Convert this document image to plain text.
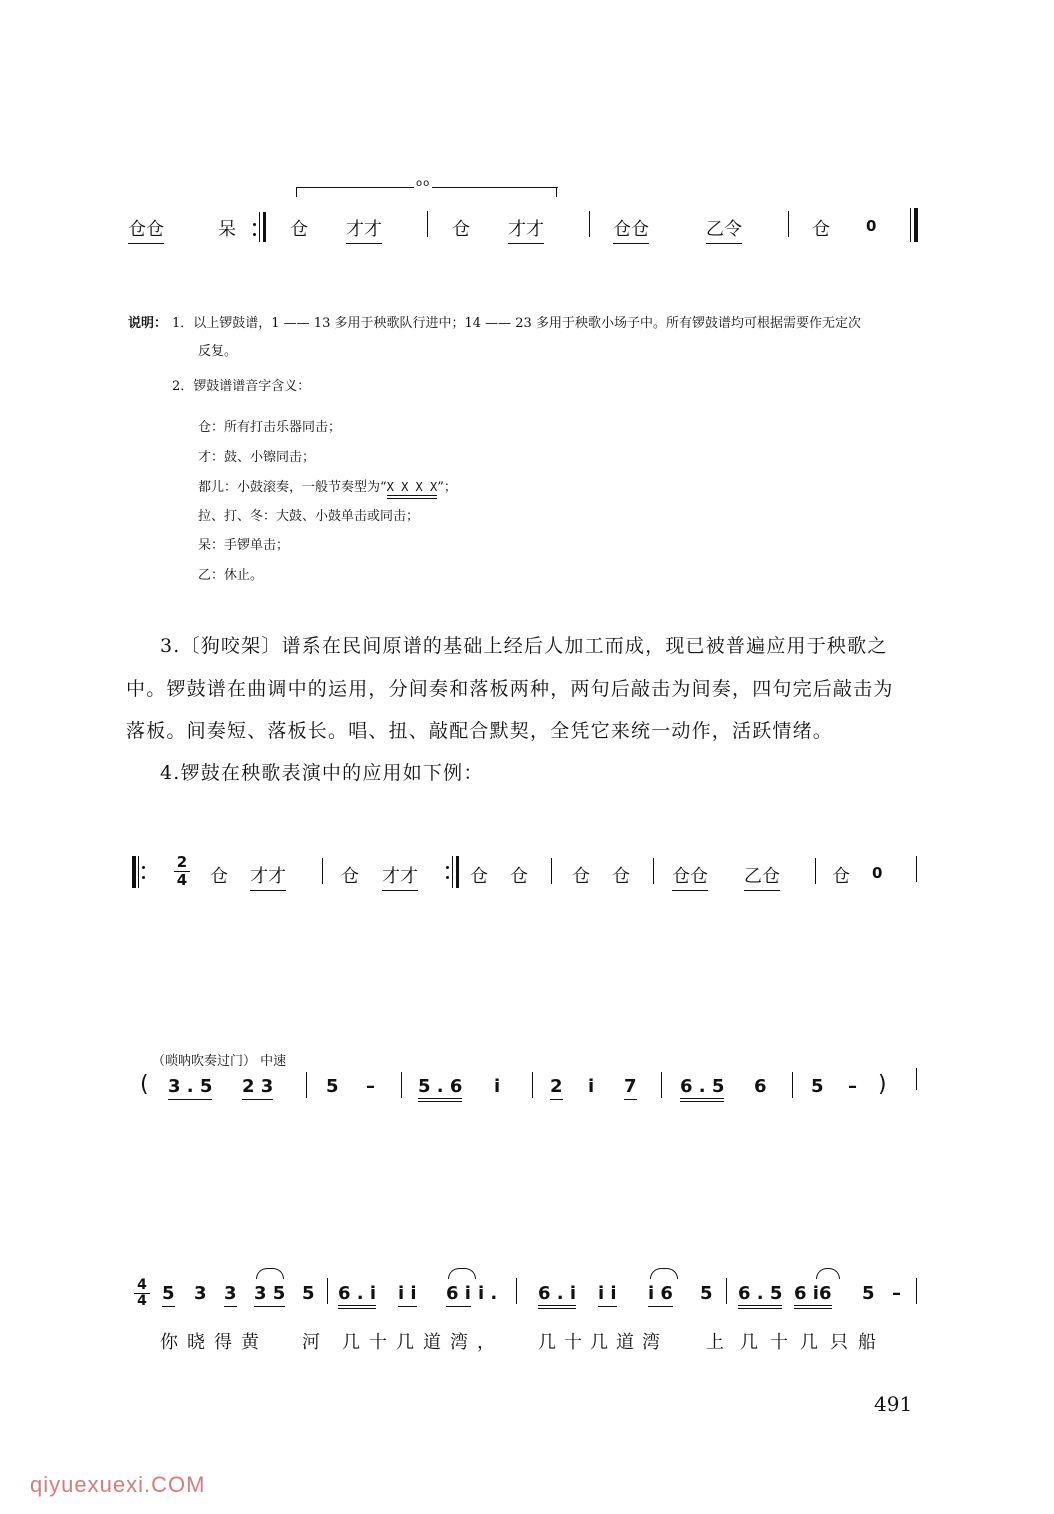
oo
仓仓	呆	仓 才才	仓 才才	仓仓	乙令	仓 0
说明： 1．以上锣鼓谱，1 —— 13 多用于秧歌队行进中；14 —— 23 多用于秧歌小场子中。所有锣鼓谱均可根据需要作无定次
反复。
2．锣鼓谱谱音字含义：
仓：所有打击乐器同击；
才：鼓、小镲同击；
都儿：小鼓滚奏，一般节奏型为“X X X X”；
拉、打、冬：大鼓、小鼓单击或同击；
呆：手锣单击；
乙：休止。
3.〔狗咬架〕谱系在民间原谱的基础上经后人加工而成，现已被普遍应用于秧歌之
中。锣鼓谱在曲调中的运用，分间奏和落板两种，两句后敲击为间奏，四句完后敲击为
落板。间奏短、落板长。唱、扭、敲配合默契，全凭它来统一动作，活跃情绪。
4.锣鼓在秧歌表演中的应用如下例：
2
4 仓 才才	仓 才才	仓 仓 仓 仓 仓仓 乙仓	仓 0
（唢呐吹奏过门） 中速
( 3 . 5 2 3	5 – 5 . 6 i	2 i 7 6 . 5 6 5 – )
4
4 5 3 3 3 5 5 6 . i i i 6 i i . 6 . i i i i 6 5 6 . 5 6 i6 5 –
你晓得黄 河 几十几道湾， 几十几道湾 上 几十几只
船
491
qiyuexuexi.COM
